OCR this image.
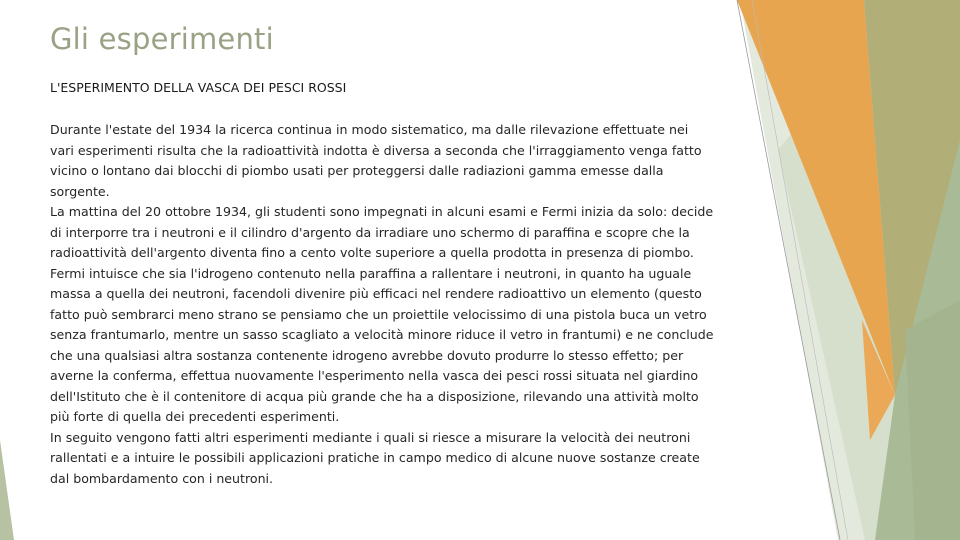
Gli esperimenti
L'ESPERIMENTO DELLA VASCA DEI PESCI ROSSI

Durante l'estate del 1934 la ricerca continua in modo sistematico, ma dalle rilevazione effettuate nei vari esperimenti risulta che la radioattività indotta è diversa a seconda che l'irraggiamento venga fatto vicino o lontano dai blocchi di piombo usati per proteggersi dalle radiazioni gamma emesse dalla sorgente.

La mattina del 20 ottobre 1934, gli studenti sono impegnati in alcuni esami e Fermi inizia da solo: decide di interporre tra i neutroni e il cilindro d'argento da irradiare uno schermo di paraffina e scopre che la radioattività dell'argento diventa fino a cento volte superiore a quella prodotta in presenza di piombo. Fermi intuisce che sia l'idrogeno contenuto nella paraffina a rallentare i neutroni, in quanto ha uguale massa a quella dei neutroni, facendoli divenire più efficaci nel rendere radioattivo un elemento (questo fatto può sembrarci meno strano se pensiamo che un proiettile velocissimo di una pistola buca un vetro senza frantumarlo, mentre un sasso scagliato a velocità minore riduce il vetro in frantumi) e ne conclude che una qualsiasi altra sostanza contenente idrogeno avrebbe dovuto produrre lo stesso effetto; per averne la conferma, effettua nuovamente l'esperimento nella vasca dei pesci rossi situata nel giardino dell'Istituto che è il contenitore di acqua più grande che ha a disposizione, rilevando una attività molto più forte di quella dei precedenti esperimenti.

In seguito vengono fatti altri esperimenti mediante i quali si riesce a misurare la velocità dei neutroni rallentati e a intuire le possibili applicazioni pratiche in campo medico di alcune nuove sostanze create dal bombardamento con i neutroni.
